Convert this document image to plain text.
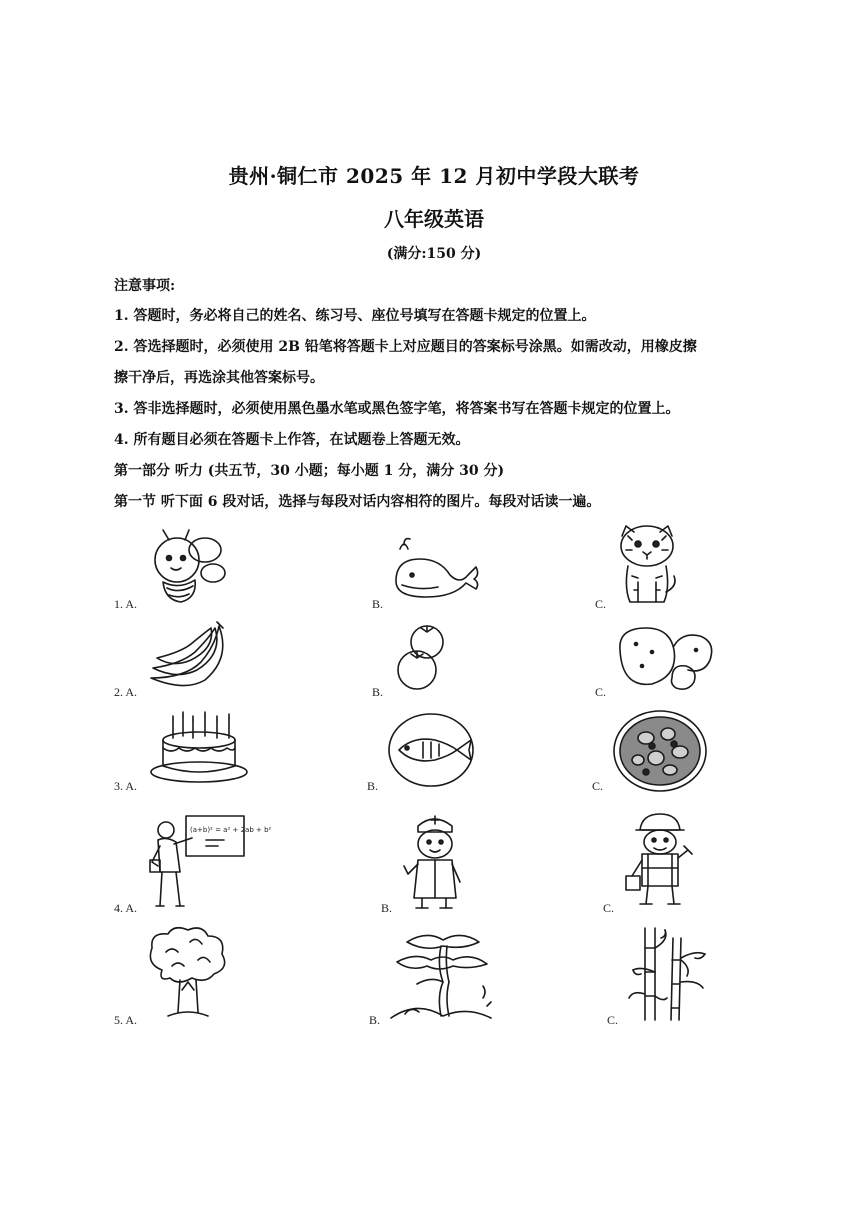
贵州·铜仁市 2025 年 12 月初中学段大联考
八年级英语
(满分:150 分)
注意事项:
1. 答题时，务必将自己的姓名、练习号、座位号填写在答题卡规定的位置上。
2. 答选择题时，必须使用 2B 铅笔将答题卡上对应题目的答案标号涂黑。如需改动，用橡皮擦
擦干净后，再选涂其他答案标号。
3. 答非选择题时，必须使用黑色墨水笔或黑色签字笔，将答案书写在答题卡规定的位置上。
4. 所有题目必须在答题卡上作答，在试题卷上答题无效。
第一部分 听力 (共五节，30 小题；每小题 1 分，满分 30 分)
第一节 听下面 6 段对话，选择与每段对话内容相符的图片。每段对话读一遍。
1. A.	B.	C.
2. A.	B.	C.
3. A.	B.	C.
4. A.
(a+b)² = a² + 2ab + b²
B.	C.
5. A.	B.	C.
